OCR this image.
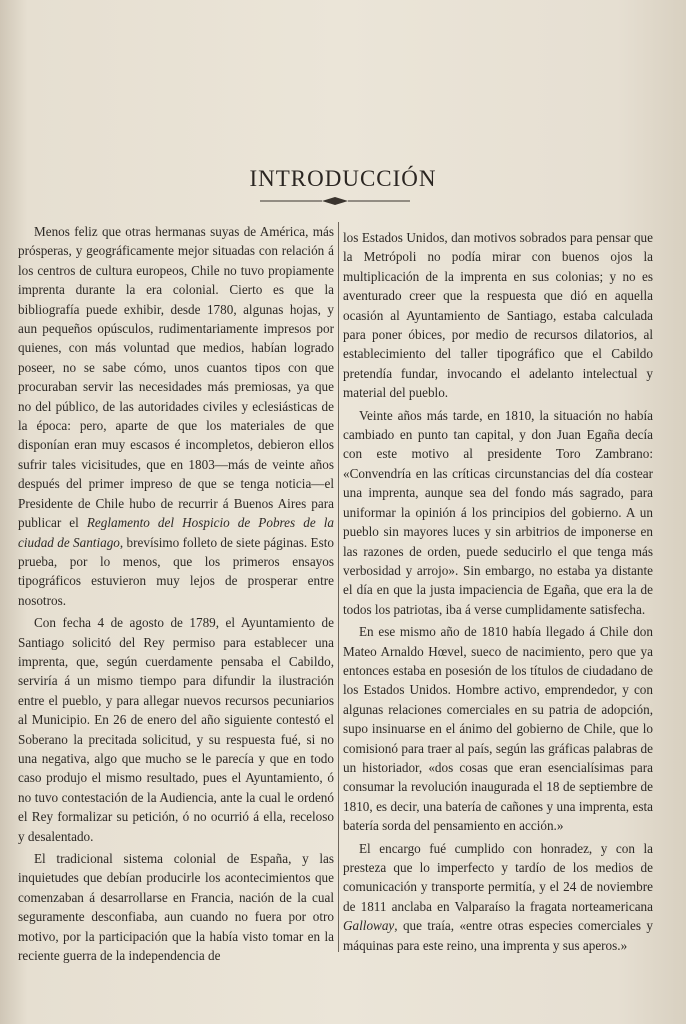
INTRODUCCIÓN

Menos feliz que otras hermanas suyas de América, más prósperas, y geográficamente mejor situadas con relación á los centros de cultura europeos, Chile no tuvo propiamente imprenta durante la era colonial. Cierto es que la bibliografía puede exhibir, desde 1780, algunas hojas, y aun pequeños opúsculos, rudimentariamente impresos por quienes, con más voluntad que medios, habían logrado poseer, no se sabe cómo, unos cuantos tipos con que procuraban servir las necesidades más premiosas, ya que no del público, de las autoridades civiles y eclesiásticas de la época: pero, aparte de que los materiales de que disponían eran muy escasos é incompletos, debieron ellos sufrir tales vicisitudes, que en 1803—más de veinte años después del primer impreso de que se tenga noticia—el Presidente de Chile hubo de recurrir á Buenos Aires para publicar el Reglamento del Hospicio de Pobres de la ciudad de Santiago, brevísimo folleto de siete páginas. Esto prueba, por lo menos, que los primeros ensayos tipográficos estuvieron muy lejos de prosperar entre nosotros.

Con fecha 4 de agosto de 1789, el Ayuntamiento de Santiago solicitó del Rey permiso para establecer una imprenta, que, según cuerdamente pensaba el Cabildo, serviría á un mismo tiempo para difundir la ilustración entre el pueblo, y para allegar nuevos recursos pecuniarios al Municipio. En 26 de enero del año siguiente contestó el Soberano la precitada solicitud, y su respuesta fué, si no una negativa, algo que mucho se le parecía y que en todo caso produjo el mismo resultado, pues el Ayuntamiento, ó no tuvo contestación de la Audiencia, ante la cual le ordenó el Rey formalizar su petición, ó no ocurrió á ella, receloso y desalentado.

El tradicional sistema colonial de España, y las inquietudes que debían producirle los acontecimientos que comenzaban á desarrollarse en Francia, nación de la cual seguramente desconfiaba, aun cuando no fuera por otro motivo, por la participación que la había visto tomar en la reciente guerra de la independencia de

los Estados Unidos, dan motivos sobrados para pensar que la Metrópoli no podía mirar con buenos ojos la multiplicación de la imprenta en sus colonias; y no es aventurado creer que la respuesta que dió en aquella ocasión al Ayuntamiento de Santiago, estaba calculada para poner óbices, por medio de recursos dilatorios, al establecimiento del taller tipográfico que el Cabildo pretendía fundar, invocando el adelanto intelectual y material del pueblo.

Veinte años más tarde, en 1810, la situación no había cambiado en punto tan capital, y don Juan Egaña decía con este motivo al presidente Toro Zambrano: «Convendría en las críticas circunstancias del día costear una imprenta, aunque sea del fondo más sagrado, para uniformar la opinión á los principios del gobierno. A un pueblo sin mayores luces y sin arbitrios de imponerse en las razones de orden, puede seducirlo el que tenga más verbosidad y arrojo». Sin embargo, no estaba ya distante el día en que la justa impaciencia de Egaña, que era la de todos los patriotas, iba á verse cumplidamente satisfecha.

En ese mismo año de 1810 había llegado á Chile don Mateo Arnaldo Hœvel, sueco de nacimiento, pero que ya entonces estaba en posesión de los títulos de ciudadano de los Estados Unidos. Hombre activo, emprendedor, y con algunas relaciones comerciales en su patria de adopción, supo insinuarse en el ánimo del gobierno de Chile, que lo comisionó para traer al país, según las gráficas palabras de un historiador, «dos cosas que eran esencialísimas para consumar la revolución inaugurada el 18 de septiembre de 1810, es decir, una batería de cañones y una imprenta, esta batería sorda del pensamiento en acción.»

El encargo fué cumplido con honradez, y con la presteza que lo imperfecto y tardío de los medios de comunicación y transporte permitía, y el 24 de noviembre de 1811 anclaba en Valparaíso la fragata norteamericana Galloway, que traía, «entre otras especies comerciales y máquinas para este reino, una imprenta y sus aperos.»
